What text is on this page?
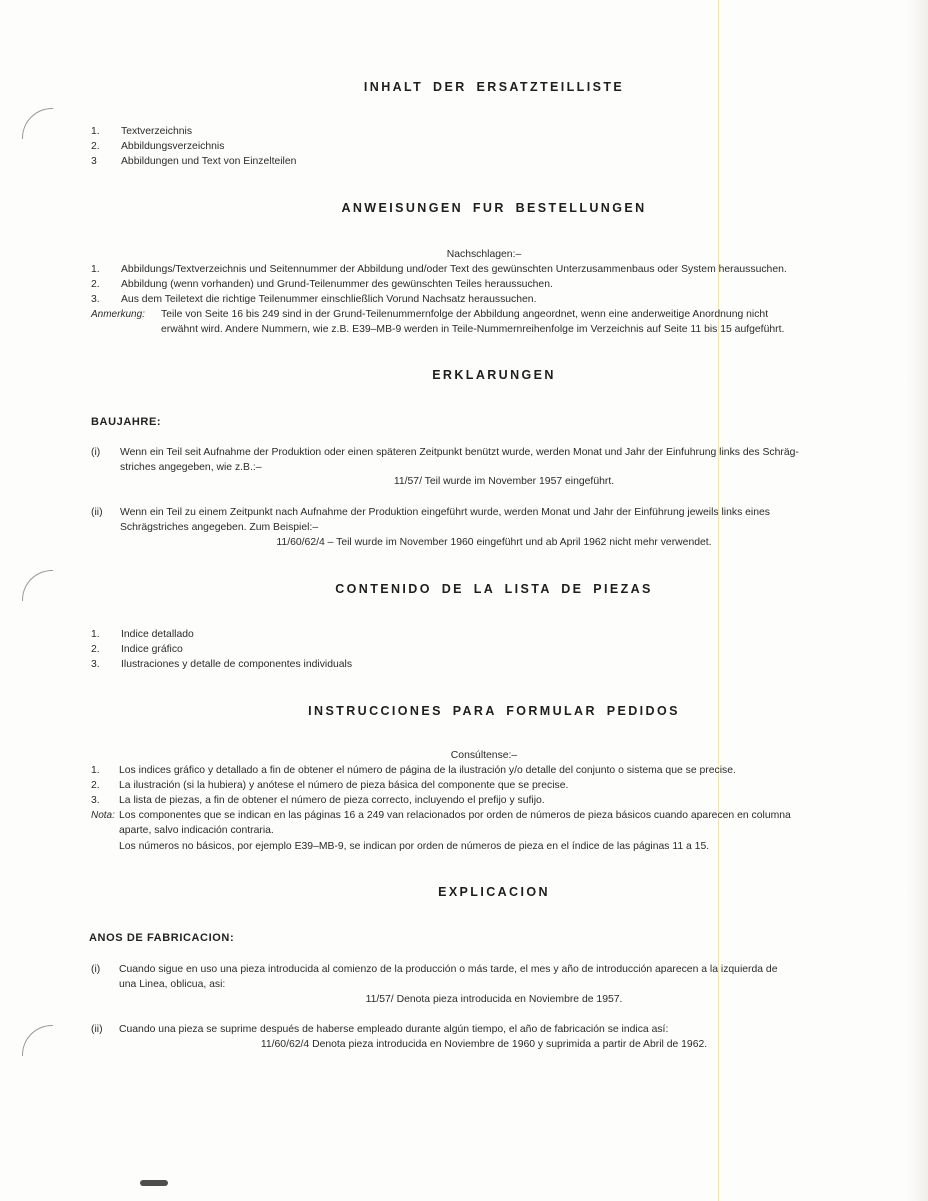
INHALT DER ERSATZTEILLISTE
1. Textverzeichnis
2. Abbildungsverzeichnis
3 Abbildungen und Text von Einzelteilen
ANWEISUNGEN FUR BESTELLUNGEN
Nachschlagen:–
1. Abbildungs/Textverzeichnis und Seitennummer der Abbildung und/oder Text des gewünschten Unterzusammenbaus oder System heraussuchen.
2. Abbildung (wenn vorhanden) und Grund-Teilenummer des gewünschten Teiles heraussuchen.
3. Aus dem Teiletext die richtige Teilenummer einschließlich Vorund Nachsatz heraussuchen.
Anmerkung: Teile von Seite 16 bis 249 sind in der Grund-Teilenummernfolge der Abbildung angeordnet, wenn eine anderweitige Anordnung nicht
erwähnt wird. Andere Nummern, wie z.B. E39–MB-9 werden in Teile-Nummernreihenfolge im Verzeichnis auf Seite 11 bis 15 aufgeführt.
ERKLARUNGEN
BAUJAHRE:
(i) Wenn ein Teil seit Aufnahme der Produktion oder einen späteren Zeitpunkt benützt wurde, werden Monat und Jahr der Einfuhrung links des Schräg-
striches angegeben, wie z.B.:–
11/57/ Teil wurde im November 1957 eingeführt.
(ii) Wenn ein Teil zu einem Zeitpunkt nach Aufnahme der Produktion eingeführt wurde, werden Monat und Jahr der Einführung jeweils links eines
Schrägstriches angegeben. Zum Beispiel:–
11/60/62/4 – Teil wurde im November 1960 eingeführt und ab April 1962 nicht mehr verwendet.
CONTENIDO DE LA LISTA DE PIEZAS
1. Indice detallado
2. Indice gráfico
3. Ilustraciones y detalle de componentes individuals
INSTRUCCIONES PARA FORMULAR PEDIDOS
Consúltense:–
1. Los indices gráfico y detallado a fin de obtener el número de página de la ilustración y/o detalle del conjunto o sistema que se precise.
2. La ilustración (si la hubiera) y anótese el número de pieza básica del componente que se precise.
3. La lista de piezas, a fin de obtener el número de pieza correcto, incluyendo el prefijo y sufijo.
Nota: Los componentes que se indican en las páginas 16 a 249 van relacionados por orden de números de pieza básicos cuando aparecen en columna
aparte, salvo indicación contraria.
Los números no básicos, por ejemplo E39–MB-9, se indican por orden de números de pieza en el índice de las páginas 11 a 15.
EXPLICACION
ANOS DE FABRICACION:
(i) Cuando sigue en uso una pieza introducida al comienzo de la producción o más tarde, el mes y año de introducción aparecen a la izquierda de
una Linea, oblicua, asi:
11/57/ Denota pieza introducida en Noviembre de 1957.
(ii) Cuando una pieza se suprime después de haberse empleado durante algún tiempo, el año de fabricación se indica así:
11/60/62/4 Denota pieza introducida en Noviembre de 1960 y suprimida a partir de Abril de 1962.
